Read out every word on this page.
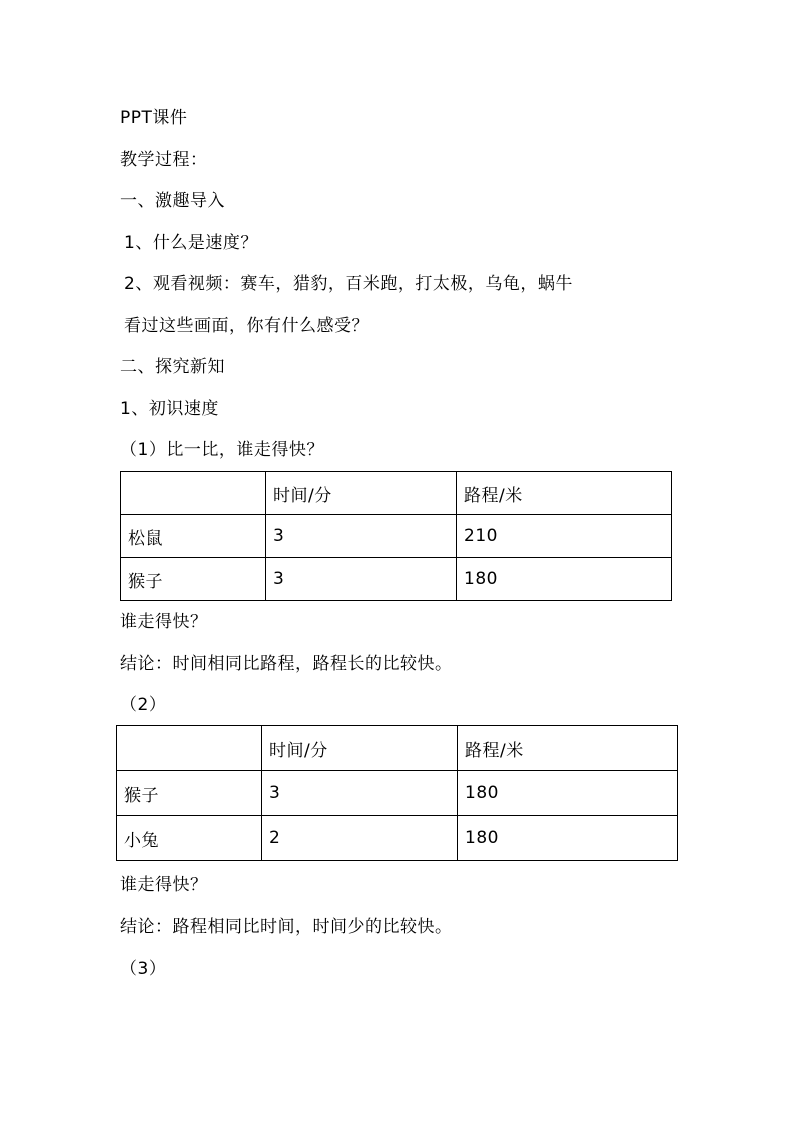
PPT课件
教学过程：
一、激趣导入
1、什么是速度？
2、观看视频：赛车，猎豹，百米跑，打太极，乌龟，蜗牛
看过这些画面，你有什么感受？
二、探究新知
1、初识速度
（1）比一比，谁走得快？
	时间/分	路程/米
松鼠	3	210
猴子	3	180
谁走得快？
结论：时间相同比路程，路程长的比较快。
（2）
	时间/分	路程/米
猴子	3	180
小兔	2	180
谁走得快？
结论：路程相同比时间，时间少的比较快。
（3）
